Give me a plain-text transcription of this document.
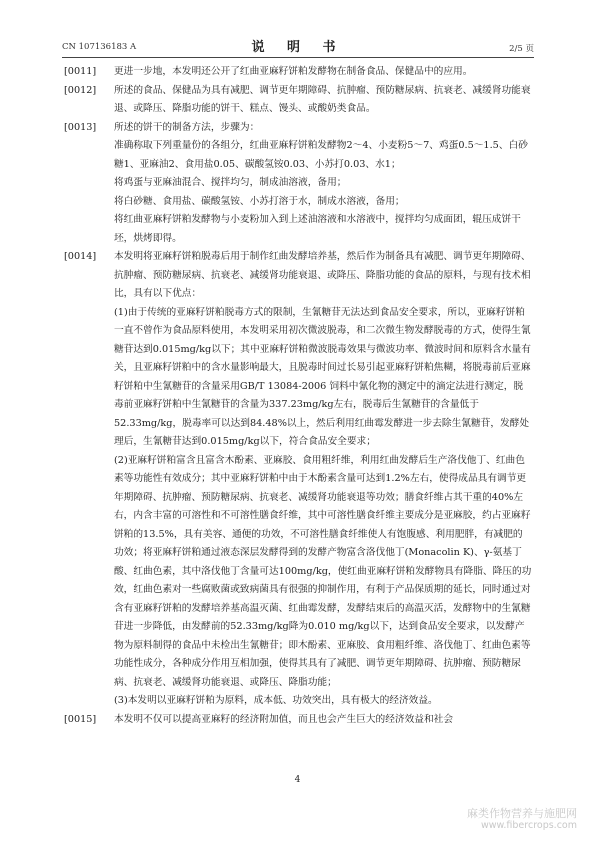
CN 107136183 A	说 明 书	2/5 页
[0011]	更进一步地，本发明还公开了红曲亚麻籽饼粕发酵物在制备食品、保健品中的应用。

[0012]	所述的食品、保健品为具有减肥、调节更年期障碍、抗肿瘤、预防糖尿病、抗衰老、减缓肾功能衰退、或降压、降脂功能的饼干、糕点、馒头、或酸奶类食品。

[0013]	所述的饼干的制备方法，步骤为：

准确称取下列重量份的各组分，红曲亚麻籽饼粕发酵物2～4、小麦粉5～7、鸡蛋0.5～1.5、白砂糖1、亚麻油2、食用盐0.05、碳酸氢铵0.03、小苏打0.03、水1；

将鸡蛋与亚麻油混合、搅拌均匀，制成油溶液，备用；

将白砂糖、食用盐、碳酸氢铵、小苏打溶于水，制成水溶液，备用；

将红曲亚麻籽饼粕发酵物与小麦粉加入到上述油溶液和水溶液中，搅拌均匀成面团，辊压成饼干坯，烘烤即得。

[0014]	本发明将亚麻籽饼粕脱毒后用于制作红曲发酵培养基，然后作为制备具有减肥、调节更年期障碍、抗肿瘤、预防糖尿病、抗衰老、减缓肾功能衰退、或降压、降脂功能的食品的原料，与现有技术相比，具有以下优点：

(1)由于传统的亚麻籽饼粕脱毒方式的限制，生氰糖苷无法达到食品安全要求，所以，亚麻籽饼粕一直不曾作为食品原料使用，本发明采用初次微波脱毒，和二次微生物发酵脱毒的方式，使得生氰糖苷达到0.015mg/kg以下；其中亚麻籽饼粕微波脱毒效果与微波功率、微波时间和原料含水量有关，且亚麻籽饼粕中的含水量影响最大，且脱毒时间过长易引起亚麻籽饼粕焦糊，将脱毒前后亚麻籽饼粕中生氰糖苷的含量采用GB/T 13084-2006 饲料中氰化物的测定中的滴定法进行测定，脱毒前亚麻籽饼粕中生氰糖苷的含量为337.23mg/kg左右，脱毒后生氰糖苷的含量低于52.33mg/kg，脱毒率可以达到84.48%以上，然后利用红曲霉发酵进一步去除生氰糖苷，发酵处理后，生氰糖苷达到0.015mg/kg以下，符合食品安全要求；

(2)亚麻籽饼粕富含且富含木酚素、亚麻胶、食用粗纤维，利用红曲发酵后生产洛伐他丁、红曲色素等功能性有效成分；其中亚麻籽饼粕中由于木酚素含量可达到1.2%左右，使得成品具有调节更年期障碍、抗肿瘤、预防糖尿病、抗衰老、减缓肾功能衰退等功效；膳食纤维占其干重的40%左右，内含丰富的可溶性和不可溶性膳食纤维，其中可溶性膳食纤维主要成分是亚麻胶，约占亚麻籽饼粕的13.5%，具有美容、通便的功效，不可溶性膳食纤维使人有饱腹感、利用肥胖，有减肥的功效；将亚麻籽饼粕通过液态深层发酵得到的发酵产物富含洛伐他丁(Monacolin K)、γ-氨基丁酸、红曲色素，其中洛伐他丁含量可达100mg/kg，使红曲亚麻籽饼粕发酵物具有降脂、降压的功效，红曲色素对一些腐败菌或致病菌具有很强的抑制作用，有利于产品保质期的延长，同时通过对含有亚麻籽饼粕的发酵培养基高温灭菌、红曲霉发酵，发酵结束后的高温灭活，发酵物中的生氰糖苷进一步降低，由发酵前的52.33mg/kg降为0.010 mg/kg以下，达到食品安全要求，以发酵产物为原料制得的食品中未检出生氰糖苷；即木酚素、亚麻胶、食用粗纤维、洛伐他丁、红曲色素等功能性成分，各种成分作用互相加强，使得其具有了减肥、调节更年期障碍、抗肿瘤、预防糖尿病、抗衰老、减缓肾功能衰退、或降压、降脂功能；

(3)本发明以亚麻籽饼粕为原料，成本低、功效突出，具有极大的经济效益。

[0015]	本发明不仅可以提高亚麻籽的经济附加值，而且也会产生巨大的经济效益和社会

4
麻类作物营养与施肥网
www.fibercrops.com
